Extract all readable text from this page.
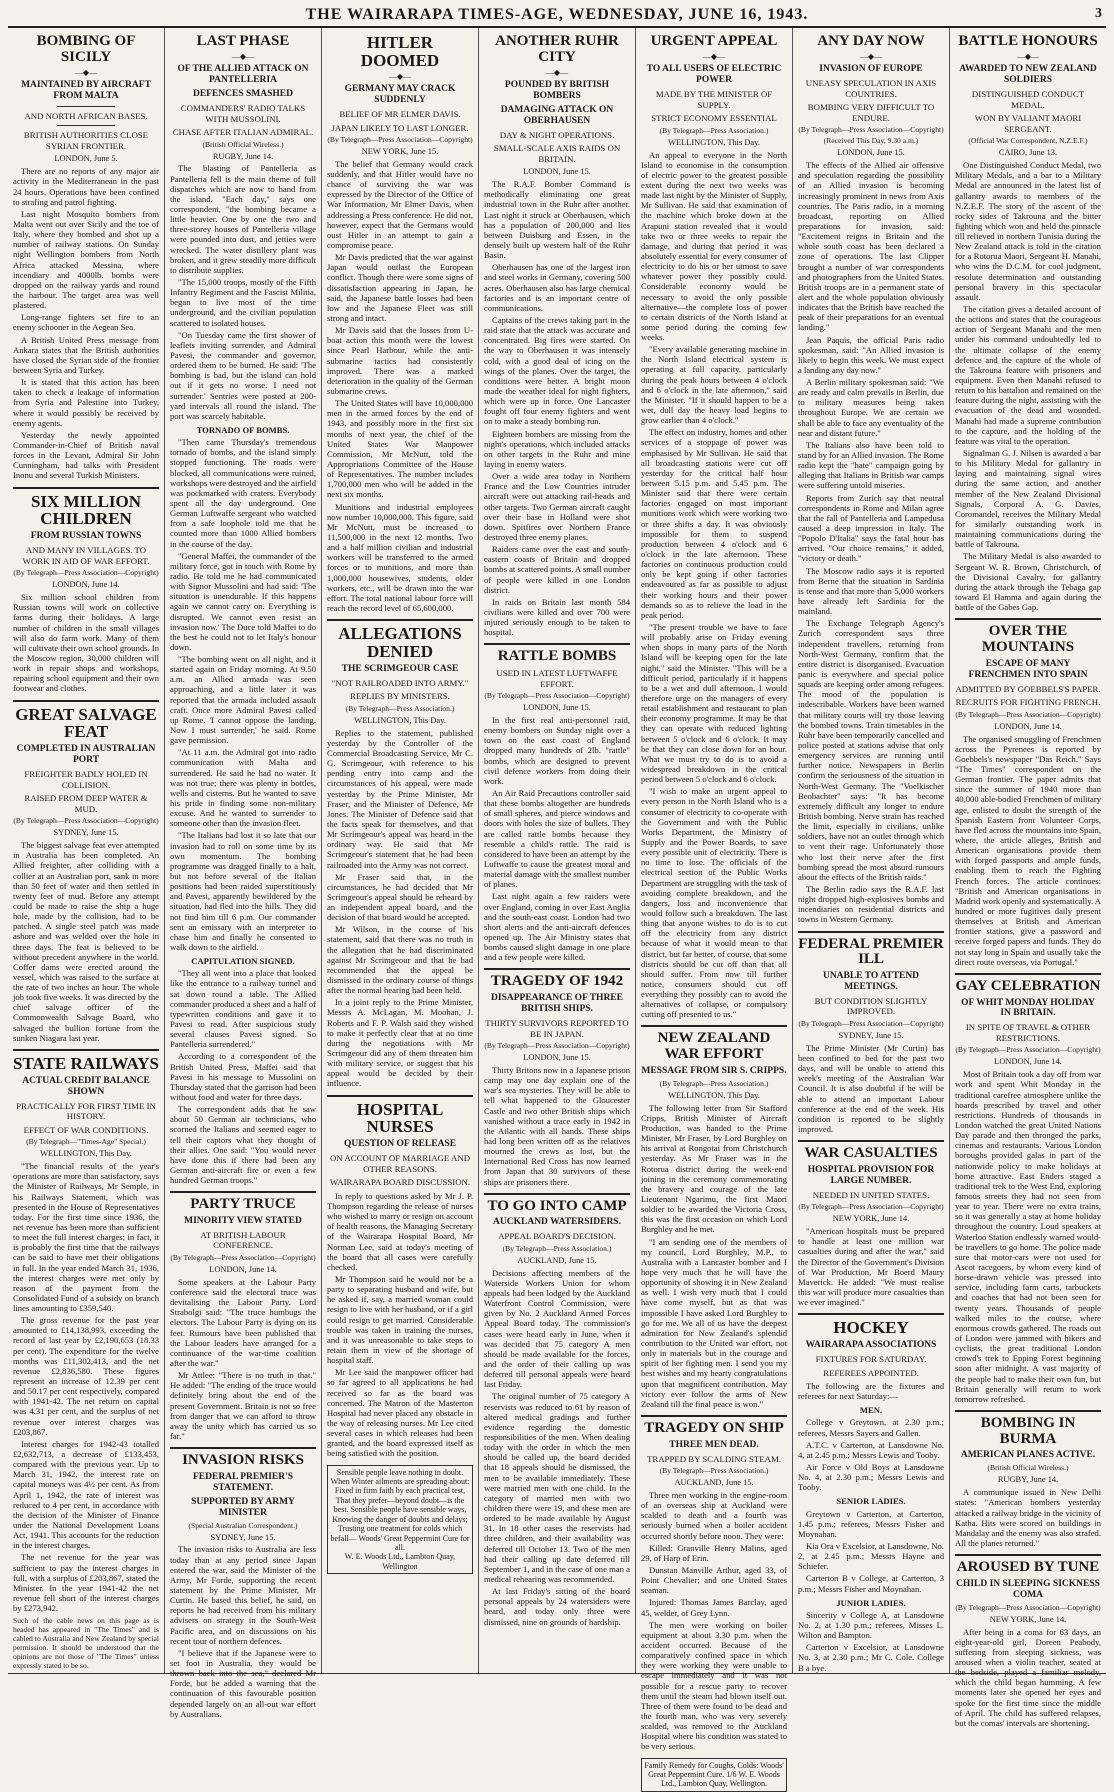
THE WAIRARAPA TIMES-AGE, WEDNESDAY, JUNE 16, 1943.	3
BOMBING OF SICILY
—◆—
MAINTAINED BY AIRCRAFT FROM MALTA
AND NORTH AFRICAN BASES.
BRITISH AUTHORITIES CLOSE SYRIAN FRONTIER.
LONDON, June 5.

There are no reports of any major air activity in the Mediterranean in the past 24 hours. Operations have been confined to strafing and patrol fighting.

Last night Mosquito bombers from Malta went out over Sicily and the toe of Italy, where they bombed and shot up a number of railway stations. On Sunday night Wellington bombers from North Africa attacked Messina, where incendiary and 4000lb. bombs were dropped on the railway yards and round the harbour. The target area was well plastered.

Long-range fighters set fire to an enemy schooner in the Aegean Sea.

A British United Press message from Ankara states that the British authorities have closed the Syrian side of the frontier between Syria and Turkey.

It is stated that this action has been taken to check a leakage of information from Syria and Palestine into Turkey, where it would possibly be received by enemy agents.

Yesterday the newly appointed Commander-in-Chief of British naval forces in the Levant, Admiral Sir John Cunningham, had talks with President Inonu and several Turkish Ministers.

SIX MILLION CHILDREN
FROM RUSSIAN TOWNS
AND MANY IN VILLAGES. TO WORK IN AID OF WAR EFFORT.
(By Telegraph—Press Association—Copyright)
LONDON, June 14.

Six million school children from Russian towns will work on collective farms during their holidays. A large number of children in the small villages will also do farm work. Many of them will cultivate their own school grounds. In the Moscow region, 30,000 children will work in repair shops and workshops, repairing school equipment and their own footwear and clothes.

GREAT SALVAGE FEAT
COMPLETED IN AUSTRALIAN PORT
FREIGHTER BADLY HOLED IN COLLISION.
RAISED FROM DEEP WATER & MUD.
(By Telegraph—Press Association—Copyright)
SYDNEY, June 15.

The biggest salvage feat ever attempted in Australia has been completed. An Allied freighter, after colliding with a collier at an Australian port, sank in more than 50 feet of water and then settled in twenty feet of mud. Before any attempt could be made to raise the ship a huge hole, made by the collision, had to be patched. A single steel patch was made ashore and was welded over the hole in three days. The feat is believed to be without precedent anywhere in the world. Coffer dams were erected around the vessel, which was raised to the surface at the rate of two inches an hour. The whole job took five weeks. It was directed by the chief salvage officer of the Commonwealth Salvage Board, who salvaged the bullion fortune from the sunken Niagara last year.

STATE RAILWAYS
ACTUAL CREDIT BALANCE SHOWN
PRACTICALLY FOR FIRST TIME IN HISTORY.
EFFECT OF WAR CONDITIONS.
(By Telegraph—"Times-Age" Special.)
WELLINGTON, This Day.

"The financial results of the year's operations are more than satisfactory, says the Minister of Railways, Mr Semple, in his Railways Statement, which was presented in the House of Representatives today. For the first time since 1936, the net revenue has been more than sufficient to meet the full interest charges; in fact, it is probably the first time that the railways can be said to have met their obligations in full. In the year ended March 31, 1936, the interest charges were met only by reason of the payment from the Consolidated Fund of a subsidy on branch lines amounting to £359,540.

The gross revenue for the past year amounted to £14,138,993, exceeding the record of last year by £2,190,653 (18.33 per cent). The expenditure for the twelve months was £11,302,413, and the net revenue £2,836,580. These figures represent an increase of 12.39 per cent and 50.17 per cent respectively, compared with 1941-42. The net return on capital was 4.31 per cent, and the surplus of net revenue over interest charges was £203,867.

Interest charges for 1942-43 totalled £2,632,713, a decrease of £133,453, compared with the previous year. Up to March 31, 1942, the interest rate on capital moneys was 4½ per cent. As from April 1, 1942, the rate of interest was reduced to 4 per cent, in accordance with the decision of the Minister of Finance under the National Development Loans Act, 1941. This accounts for the reduction in the interest charges.

The net revenue for the year was sufficient to pay the interest charges in full, with a surplus of £203,867, stated the Minister. In the year 1941-42 the net revenue fell short of the interest charges by £273,942.

Such of the cable news on this page as is headed has appeared in "The Times" and is cabled to Australia and New Zealand by special permission. It should be understood that the opinions are not those of "The Times" unless expressly stated to be so.
LAST PHASE
—◆—
OF THE ALLIED ATTACK ON PANTELLERIA
DEFENCES SMASHED
COMMANDERS' RADIO TALKS WITH MUSSOLINI.
CHASE AFTER ITALIAN ADMIRAL.
(British Official Wireless.)
RUGBY, June 14.

The blasting of Pantelleria as Pantelleria fell is the main theme of full dispatches which are now to hand from the island. "Each day," says one correspondent, "the bombing became a little heavier. One by one the two and three-storey houses of Pantelleria village were pounded into dust, and jetties were wrecked. The water distillery plant was broken, and it grew steadily more difficult to distribute supplies.

"The 15,000 troops, mostly of the Fifth Infantry Regiment and the Fascist Militia, began to live most of the time underground, and the civilian population scattered to isolated houses.

"On Tuesday came the first shower of leaflets inviting surrender, and Admiral Pavesi, the commander and governor, ordered them to be burned. He said: 'The bombing is bad, but the island can hold out if it gets no worse. I need not surrender.' Sentries were posted at 200-yard intervals all round the island. The port was scarcely habitable.

TORNADO OF BOMBS.

"Then came Thursday's tremendous tornado of bombs, and the island simply stopped functioning. The roads were blocked, all communications were ruined, workshops were destroyed and the airfield was pockmarked with craters. Everybody spent all the day underground. One German Luftwaffe sergeant who watched from a safe loophole told me that he counted more than 1000 Allied bombers in the course of the day.

"General Maffei, the commander of the military force, got in touch with Rome by radio. He told me he had communicated with Signor Mussolini and had said: 'The situation is unendurable. If this happens again we cannot carry on. Everything is disrupted. We cannot even resist an invasion now.' The Duce told Maffei to do the best he could not to let Italy's honour down.

"The bombing went on all night, and it started again on Friday morning. At 9.50 a.m. an Allied armada was seen approaching, and a little later it was reported that the armada included assault craft. Once more Admiral Pavesi called up Rome. 'I cannot oppose the landing. Now I must surrender,' he said. Rome gave permission.

"At 11 a.m. the Admiral got into radio communication with Malta and surrendered. He said he had no water. It was not true; there was plenty in bottles, wells and cisterns. But he wanted to save his pride in finding some non-military excuse. And he wanted to surrender to someone other than the invasion fleet.

"The Italians had lost it so late that our invasion had to roll on some time by its own momentum. The bombing programme was dragged finally to a halt, but not before several of the Italian positions had been raided superstitiously and Pavesi, apparently bewildered by the situation, had fled into the hills. They did not find him till 6 p.m. Our commander sent an emissary with an interpreter to chase him and finally he consented to walk down to the airfield.

CAPITULATION SIGNED.

"They all went into a place that looked like the entrance to a railway tunnel and sat down round a table. The Allied commander produced a sheet and a half of typewritten conditions and gave it to Pavesi to read. After suspicious study several clauses Pavesi signed. So Pantelleria surrendered."

According to a correspondent of the British United Press, Maffei said that Pavesi in his message to Mussolini on Thursday stated that the garrison had been without food and water for three days.

The correspondent adds that he saw about 50 German air technicians, who scorned the Italians and seemed eager to tell their captors what they thought of their allies. One said: "You would never have done this if there had been any German anti-aircraft fire or even a few hundred German troops."

PARTY TRUCE
MINORITY VIEW STATED
AT BRITISH LABOUR CONFERENCE.
(By Telegraph—Press Association—Copyright)
LONDON, June 14.

Some speakers at the Labour Party conference said the electoral truce was devitalising the Labour Party. Lord Strabolgi said: "The truce humbugs the electors. The Labour Party is dying on its feet. Rumours have been published that the Labour leaders have arranged for a continuance of the war-time coalition after the war."

Mr Attlee: "There is no truth in that." He added: "The ending of the truce would definitely bring about the end of the present Government. Britain is not so free from danger that we can afford to throw away the unity which has carried us so far."

INVASION RISKS
FEDERAL PREMIER'S STATEMENT.
SUPPORTED BY ARMY MINISTER
(Special Australian Correspondent.)
SYDNEY, June 15.

The invasion risks to Australia are less today than at any period since Japan entered the war, said the Minister of the Army, Mr Forde, supporting the recent statement by the Prime Minister, Mr Curtin. He based this belief, he said, on reports he had received from his military advisers on strategy in the South-West Pacific area, and on discussions on his recent tour of northern defences.

"I believe that if the Japanese were to set foot in Australia, they would be thrown back into the sea," declared Mr Forde, but he added a warning that the continuation of this favourable position depended largely on an all-out war effort by Australians.

HITLER DOOMED
—◆—
GERMANY MAY CRACK SUDDENLY
BELIEF OF MR ELMER DAVIS.
JAPAN LIKELY TO LAST LONGER.
(By Telegraph—Press Association—Copyright)
NEW YORK, June 15.

The belief that Germany would crack suddenly, and that Hitler would have no chance of surviving the war was expressed by the Director of the Office of War Information, Mr Elmer Davis, when addressing a Press conference. He did not, however, expect that the Germans would oust Hitler in an attempt to gain a compromise peace.

Mr Davis predicted that the war against Japan would outlast the European conflict. Though there were some signs of dissatisfaction appearing in Japan, he said, the Japanese battle losses had been low and the Japanese Fleet was still strong and intact.

Mr Davis said that the losses from U-boat action this month were the lowest since Pearl Harbour, while the anti-submarine tactics had consistently improved. There was a marked deterioration in the quality of the German submarine crews.

The United States will have 10,000,000 men in the armed forces by the end of 1943, and possibly more in the first six months of next year, the chief of the United States War Manpower Commission, Mr McNutt, told the Appropriations Committee of the House of Representatives. The number includes 1,700,000 men who will be added in the next six months.

Munitions and industrial employees now number 10,000,000. This figure, said Mr McNutt, must be increased to 11,500,000 in the next 12 months. Two and a half million civilian and industrial workers will be transferred to the armed forces or to munitions, and more than 1,000,000 housewives, students, older workers, etc., will be drawn into the war effort. The total national labour force will reach the record level of 65,600,000.

ALLEGATIONS DENIED
THE SCRIMGEOUR CASE
"NOT RAILROADED INTO ARMY."
REPLIES BY MINISTERS.
(By Telegraph—Press Association.)
WELLINGTON, This Day.

Replies to the statement, published yesterday by the Controller of the Commercial Broadcasting Service, Mr C. G. Scrimgeour, with reference to his pending entry into camp and the circumstances of his appeal, were made yesterday by the Prime Minister, Mr Fraser, and the Minister of Defence, Mr Jones. The Minister of Defence said that the facts speak for themselves, and that Mr Scrimgeour's appeal was heard in the ordinary way. He said that Mr Scrimgeour's statement that he had been railroaded into the Army was not correct.

Mr Fraser said that, in the circumstances, he had decided that Mr Scrimgeour's appeal should be reheard by an independent appeal board, and the decision of that board would be accepted.

Mr Wilson, in the course of his statement, said that there was no truth in the allegation that he had discriminated against Mr Scrimgeour and that he had recommended that the appeal be dismissed in the ordinary course of things after the normal hearing had been held.

In a joint reply to the Prime Minister, Messrs A. McLagan, M. Moohan, J. Roberts and F. P. Walsh said they wished to make it perfectly clear that at no time during the negotiations with Mr Scrimgeour did any of them threaten him with military service, or suggest that his appeal would be decided by their influence.

HOSPITAL NURSES
QUESTION OF RELEASE
ON ACCOUNT OF MARRIAGE AND OTHER REASONS.
WAIRARAPA BOARD DISCUSSION.

In reply to questions asked by Mr J. P. Thompson regarding the release of nurses who wished to marry or resign on account of health reasons, the Managing Secretary of the Wairarapa Hospital Board, Mr Norman Lee, said at today's meeting of the board that all cases were carefully checked.

Mr Thompson said he would not be a party to separating husband and wife, but he asked if, say, a married woman could resign to live with her husband, or if a girl could resign to get married. Considerable trouble was taken in training the nurses, and it was unreasonable to take steps to retain them in view of the shortage of hospital staff.

Mr Lee said the manpower officer had so far agreed to all applications he had received so far as the board was concerned. The Matron of the Masterton Hospital had never placed any obstacle in the way of releasing nurses. Mr Lee cited several cases in which releases had been granted, and the board expressed itself as being satisfied with the position.

Sensible people leave nothing in doubt. When Winter ailments are spreading about: Fixed in firm faith by each practical test, That they prefer—beyond doubt—is the best. Sensible people have sensible ways, Knowing the danger of doubts and delays; Trusting one treatment for colds which befall— Woods' Great Peppermint Cure for all.
W. E. Woods Ltd., Lambton Quay, Wellington
ANOTHER RUHR CITY
—◆—
POUNDED BY BRITISH BOMBERS
DAMAGING ATTACK ON OBERHAUSEN
DAY & NIGHT OPERATIONS.
SMALL-SCALE AXIS RAIDS ON BRITAIN.
LONDON, June 15.

The R.A.F. Bomber Command is methodically eliminating one great industrial town in the Ruhr after another. Last night it struck at Oberhausen, which has a population of 200,000 and lies between Duisburg and Essen, in the densely built up western half of the Ruhr Basin.

Oberhausen has one of the largest iron and steel works in Germany, covering 500 acres. Oberhausen also has large chemical factories and is an important centre of communications.

Captains of the crews taking part in the raid state that the attack was accurate and concentrated. Big fires were started. On the way to Oberhausen it was intensely cold, with a good deal of icing on the wings of the planes. Over the target, the conditions were better. A bright moon made the weather ideal for night fighters, which were up in force. One Lancaster fought off four enemy fighters and went on to make a steady bombing run.

Eighteen bombers are missing from the night's operations, which included attacks on other targets in the Ruhr and mine laying in enemy waters.

Over a wide area today in Northern France and the Low Countries intruder aircraft were out attacking rail-heads and other targets. Two German aircraft caught over their base in Holland were shot down. Spitfires over Northern France destroyed three enemy planes.

Raiders came over the east and south-eastern coasts of Britain and dropped bombs at scattered points. A small number of people were killed in one London district.

In raids on Britain last month 584 civilians were killed and over 700 were injured seriously enough to be taken to hospital.

RATTLE BOMBS
USED IN LATEST LUFTWAFFE EFFORT.
(By Telegraph—Press Association—Copyright)
LONDON, June 15.

In the first real anti-personnel raid, enemy bombers on Sunday night over a town on the east coast of England dropped many hundreds of 2lb. "rattle" bombs, which are designed to prevent civil defence workers from doing their work.

An Air Raid Precautions controller said that these bombs altogether are hundreds of small spheres, and pierce windows and doors with holes the size of bullets. They are called rattle bombs because they resemble a child's rattle. The raid is considered to have been an attempt by the Luftwaffe to cause the greatest moral and material damage with the smallest number of planes.

Last night again a few raiders were over England, coming in over East Anglia and the south-east coast. London had two short alerts and the anti-aircraft defences opened up. The Air Ministry states that bombs caused slight damage in one place and a few people were killed.

TRAGEDY OF 1942
DISAPPEARANCE OF THREE BRITISH SHIPS.
THIRTY SURVIVORS REPORTED TO BE IN JAPAN.
(By Telegraph—Press Association—Copyright)
LONDON, June 15.

Thirty Britons now in a Japanese prison camp may one day explain one of the war's sea mysteries. They will be able to tell what happened to the Gloucester Castle and two other British ships which vanished without a trace early in 1942 in the Atlantic with all hands. These ships had long been written off as the relatives mourned the crews as lost, but the International Red Cross has now learned from Japan that 30 survivors of these ships are prisoners there.

TO GO INTO CAMP
AUCKLAND WATERSIDERS.
APPEAL BOARD'S DECISION.
(By Telegraph—Press Association.)
AUCKLAND, June 15.

Decisions affecting members of the Waterside Workers Union for whom appeals had been lodged by the Auckland Waterfront Control Commission, were given by No. 2 Auckland Armed Forces Appeal Board today. The commission's cases were heard early in June, when it was decided that 75 category A men should be made available for the forces, and the order of their calling up was deferred till personal appeals were heard last Friday.

The original number of 75 category A reservists was reduced to 61 by reason of altered medical gradings and further evidence regarding the domestic responsibilities of the men. When dealing today with the order in which the men should be called up, the board decided that 18 appeals should be dismissed, the men to be available immediately. These were married men with one child. In the category of married men with two children there were 19, and these men are ordered to be made available by August 31. In 18 other cases the reservists had three children, and their availability was deferred till October 13. Two of the men had their calling up date deferred till September 1, and in the case of one man a medical rehearing was recommended.

At last Friday's sitting of the board personal appeals by 24 watersiders were heard, and today only three were dismissed, nine on grounds of hardship.

URGENT APPEAL
—◆—
TO ALL USERS OF ELECTRIC POWER
MADE BY THE MINISTER OF SUPPLY.
STRICT ECONOMY ESSENTIAL
(By Telegraph—Press Association.)
WELLINGTON, This Day.

An appeal to everyone in the North Island to economise in the consumption of electric power to the greatest possible extent during the next two weeks was made last night by the Minister of Supply, Mr Sullivan. He said that examination of the machine which broke down at the Arapuni station revealed that it would take two or three weeks to repair the damage, and during that period it was absolutely essential for every consumer of electricity to do his or her utmost to save whatever power they possibly could. Considerable economy would be necessary to avoid the only possible alternative—the complete loss of power to certain districts of the North Island at some period during the coming few weeks.

"Every available generating machine in the North Island electrical system is operating at full capacity, particularly during the peak hours between 4 o'clock and 6 o'clock in the late afternoon," said the Minister. "If it should happen to be a wet, dull day the heavy load begins to grow earlier than 4 o'clock."

The effect on industry, homes and other services of a stoppage of power was emphasised by Mr Sullivan. He said that all broadcasting stations were cut off yesterday for the critical half hour between 5.15 p.m. and 5.45 p.m. The Minister said that there were certain factories engaged on most important munitions work which were working two or three shifts a day. It was obviously impossible for them to suspend production between 4 o'clock and 6 o'clock in the late afternoon. These factories on continuous production could only be kept going if other factories endeavoured as far as possible to adjust their working hours and their power demands so as to relieve the load in the peak period.

"The present trouble we have to face will probably arise on Friday evening when shops in many parts of the North Island will be keeping open for the late night," said the Minister. "This will be a difficult period, particularly if it happens to be a wet and dull afternoon. I would therefore urge on the managers of every retail establishment and restaurant to plan their economy programme. It may be that they can operate with reduced lighting between 5 o'clock and 6 o'clock. It may be that they can close down for an hour. What we must try to do is to avoid a widespread breakdown in the critical period between 5 o'clock and 6 o'clock.

"I wish to make an urgent appeal to every person in the North Island who is a consumer of electricity to co-operate with the Government and with the Public Works Department, the Ministry of Supply and the Power Boards, to save every possible unit of electricity. There is no time to lose. The officials of the electrical section of the Public Works Department are struggling with the task of avoiding complete breakdown, and the dangers, loss and inconvenience that would follow such a breakdown. The last thing that anyone wishes to do is to cut off the electricity from any district because of what it would mean to that district, but far better, of course, that some districts should be cut off than that all should suffer. From now till further notice, consumers should cut off everything they possibly can to avoid the alternatives of collapse, or compulsory cutting off presented to us."

NEW ZEALAND WAR EFFORT
MESSAGE FROM SIR S. CRIPPS.
(By Telegraph—Press Association.)
WELLINGTON, This Day.

The following letter from Sir Stafford Cripps, British Minister of Aircraft Production, was handed to the Prime Minister, Mr Fraser, by Lord Burghley on his arrival at Rongotai from Christchurch yesterday. As Mr Fraser was in the Rotorua district during the week-end joining in the ceremony commemorating the bravery and courage of the late Lieutenant Ngarimu, the first Maori soldier to be awarded the Victoria Cross, this was the first occasion on which Lord Burghley and he met.

"I am sending one of the members of my council, Lord Burghley, M.P., to Australia with a Lancaster bomber and I hope very much that he will have the opportunity of showing it in New Zealand as well. I wish very much that I could have come myself, but as that was impossible I have asked Lord Burghley to go for me. We all of us have the deepest admiration for New Zealand's splendid contribution to the United war effort, not only in materials but in the courage and spirit of her fighting men. I send you my best wishes and my hearty congratulations upon that magnificent contribution. May victory ever follow the arms of New Zealand till the final peace is won."

TRAGEDY ON SHIP
THREE MEN DEAD.
TRAPPED BY SCALDING STEAM.
(By Telegraph—Press Association.)
AUCKLAND, June 15.

Three men working in the engine-room of an overseas ship at Auckland were scalded to death and a fourth was seriously burned when a boiler accident occurred shortly before noon. They were:

Killed: Granville Henry Malins, aged 29, of Harp of Erin.

Dunstan Manville Arthur, aged 33, of Point Chevalier; and one United States seaman.

Injured: Thomas James Barclay, aged 45, welder, of Grey Lynn.

The men were working on boiler equipment at about 3.30 p.m. when the accident occurred. Because of the comparatively confined space in which they were working they were unable to escape immediately and it was not possible for a rescue party to recover them until the steam had blown itself out. Three of them were found to be dead and the fourth man, who was very severely scalded, was removed to the Auckland Hospital where his condition was stated to be very serious.

Family Remedy for Coughs, Colds: Woods' Great Peppermint Cure. 1/6 W. E. Woods Ltd., Lambton Quay, Wellington.
ANY DAY NOW
—◆—
INVASION OF EUROPE
UNEASY SPECULATION IN AXIS COUNTRIES.
BOMBING VERY DIFFICULT TO ENDURE.
(By Telegraph—Press Association—Copyright)
(Received This Day, 9.30 a.m.)
LONDON, June 15.

The effects of the Allied air offensive and speculation regarding the possibility of an Allied invasion is becoming increasingly prominent in news from Axis countries. The Paris radio, in a morning broadcast, reporting on Allied preparations for invasion, said: "Excitement reigns in Britain and the whole south coast has been declared a zone of operations. The last Clipper brought a number of war correspondents and photographers from the United States. British troops are in a permanent state of alert and the whole population obviously indicates that the British have reached the peak of their preparations for an eventual landing."

Jean Paquis, the official Paris radio spokesman, said: "An Allied invasion is likely to begin this week. We must expect a landing any day now."

A Berlin military spokesman said: "We are ready and calm prevails in Berlin, due to military measures being taken throughout Europe. We are certain we shall be able to face any eventuality of the near and distant future."

The Italians also have been told to stand by for an Allied invasion. The Rome radio kept the "hate" campaign going by alleging that Italians in British war camps were suffering untold miseries.

Reports from Zurich say that neutral correspondents in Rome and Milan agree that the fall of Pantelleria and Lampedusa caused a deep impression in Italy. The "Popolo D'Italia" says the fatal hour has arrived. "Our choice remains," it added, "victory or death."

The Moscow radio says it is reported from Berne that the situation in Sardinia is tense and that more than 5,000 workers have already left Sardinia for the mainland.

The Exchange Telegraph Agency's Zurich correspondent says three independent travellers, returning from North-West Germany, confirm that the entire district is disorganised. Evacuation panic is everywhere and special police squads are keeping order among refugees. The mood of the population is indescribable. Workers have been warned that military courts will try those leaving the bombed towns. Train timetables in the Ruhr have been temporarily cancelled and police posted at stations advise that only emergency services are running until further notice. Newspapers in Berlin confirm the seriousness of the situation in North-West Germany. The "Voelkischer Beobachter" says: "It has become extremely difficult any longer to endure British bombing. Nerve strain has reached the limit, especially in civilians, unlike soldiers, have not an outlet through which to vent their rage. Unfortunately those who lost their nerve after the first bombing spread the most absurd rumours about the effects of the British raids."

The Berlin radio says the R.A.F. last night dropped high-explosives bombs and incendiaries on residential districts and towns in Western Germany.

FEDERAL PREMIER ILL
UNABLE TO ATTEND MEETINGS.
BUT CONDITION SLIGHTLY IMPROVED.
(By Telegraph—Press Association—Copyright)
SYDNEY, June 15.

The Prime Minister (Mr Curtin) has been confined to bed for the past two days, and will be unable to attend this week's meeting of the Australian War Council. It is also doubtful if he will be able to attend an important Labour conference at the end of the week. His condition is reported to be slightly improved.

WAR CASUALTIES
HOSPITAL PROVISION FOR LARGE NUMBER.
NEEDED IN UNITED STATES.
(By Telegraph—Press Association—Copyright)
NEW YORK, June 14.

"American hospitals must be prepared to handle at least one million war casualties during and after the war," said the Director of the Government's Division of War Production, Mr Boerd Maury Maverick. He added: "We must realise this war will produce more casualties than we ever imagined."

HOCKEY
WAIRARAPA ASSOCIATIONS
FIXTURES FOR SATURDAY.
REFEREES APPOINTED.

The following are the fixtures and referees for next Saturday:—

MEN.

College v Greytown, at 2.30 p.m.; referees, Messrs Sayers and Gallen.

A.T.C. v Carterton, at Lansdowne No. 4, at 2.45 p.m.; Messrs Lewis and Tooby.

Air Force v Old Boys at Lansdowne No. 4, at 2.30 p.m.; Messrs Lewis and Tooby.

SENIOR LADIES.

Greytown v Carterton, at Carterton, 1.45 p.m.; referees, Messrs Fisher and Moynahan.

Kia Ora v Excelsior, at Lansdowne, No. 2, at 2.45 p.m.; Messrs Hayne and Schiefer.

Carterton B v College, at Carterton, 3 p.m.; Messrs Fisher and Moynahan.

JUNIOR LADIES.

Sincerity v College A, at Lansdowne No. 2, at 1.30 p.m.; referees, Misses L. Wilton and Bampton.

Carterton v Excelsior, at Lansdowne No. 3, at 2.30 p.m.; Mr C. Cole. College B a bye.

BATTLE HONOURS
—◆—
AWARDED TO NEW ZEALAND SOLDIERS
DISTINGUISHED CONDUCT MEDAL.
WON BY VALIANT MAORI SERGEANT.
(Official War Correspondent, N.Z.E.F.)
CAIRO, June 13.

One Distinguished Conduct Medal, two Military Medals, and a bar to a Military Medal are announced in the latest list of gallantry awards to members of the N.Z.E.F. The story of the ascent of the rocky sides of Takrouna and the bitter fighting which won and held the pinnacle till relieved in northern Tunisia during the New Zealand attack is told in the citation for a Rotorua Maori, Sergeant H. Manahi, who wins the D.C.M. for cool judgment, resolute determination and outstanding personal bravery in this spectacular assault.

The citation gives a detailed account of the actions and states that the courageous action of Sergeant Manahi and the men under his command undoubtedly led to the ultimate collapse of the enemy defence and the capture of the whole of the Takrouna feature with prisoners and equipment. Even then Manahi refused to return to his battalion and remained on the feature during the night, assisting with the evacuation of the dead and wounded. Manahi had made a supreme contribution to the capture, and the holding of the feature was vital to the operation.

Signalman G. J. Nilsen is awarded a bar to his Military Medal for gallantry in laying and maintaining signal wires during the same action, and another member of the New Zealand Divisional Signals, Corporal A. G. Davies, Coromandel, receives the Military Medal for similarly outstanding work in maintaining communications during the battle of Takrouna.

The Military Medal is also awarded to Sergeant W. R. Brown, Christchurch, of the Divisional Cavalry, for gallantry during the attack through the Tebaga gap toward El Hamma and again during the battle of the Gabes Gap.

OVER THE MOUNTAINS
ESCAPE OF MANY FRENCHMEN INTO SPAIN
ADMITTED BY GOEBBELS'S PAPER.
RECRUITS FOR FIGHTING FRENCH.
(By Telegraph—Press Association—Copyright)
LONDON, June 14.

The organised smuggling of Frenchmen across the Pyrenees is reported by Goebbels's newspaper "Das Reich." Says "The Times" correspondent on the German frontier. The paper admits that since the summer of 1940 more than 40,000 able-bodied Frenchmen of military age, enlisted to doubt the strength of the Spanish Eastern front Volunteer Corps, have fled across the mountains into Spain, where, the article alleges, British and American organisations provide them with forged passports and ample funds, enabling them to reach the Fighting French forces. The article continues: "British and American organisations in Madrid work openly and systematically. A hundred or more fugitives daily present themselves at British and American frontier stations, give a password and receive forged papers and funds. They do not stay long in Spain and usually take the direct route overseas, via Portugal."

GAY CELEBRATION
OF WHIT MONDAY HOLIDAY IN BRITAIN.
IN SPITE OF TRAVEL & OTHER RESTRICTIONS.
(By Telegraph—Press Association—Copyright)
LONDON, June 14.

Most of Britain took a day off from war work and spent Whit Monday in the traditional carefree atmosphere unlike the hoards prescribed by travel and other restrictions. Hundreds of thousands in London watched the great United Nations Day parade and then thronged the parks, cinemas and restaurants. Various London boroughs provided galas in part of the nationwide policy to make holidays at home attractive. East Enders staged a traditional trek to the West End, exploring famous streets they had not seen from year to year. There were no extra trains, so it was generally a stay at home holiday throughout the country. Loud speakers at Waterloo Station endlessly warned would-be travellers to go home. The police made sure that motor-cars were not used for Ascot racegoers, by whom every kind of horse-drawn vehicle was pressed into service, including farm carts, tarbuckets and coaches that had not been seen for twenty years. Thousands of people walked miles to the course, where enormous crowds gathered. The roads out of London were jammed with hikers and cyclists, the great traditional London crowd's trek to Epping Forest beginning soon after midnight. A vast majority of the people had to make their own fun, but Britain generally will return to work tomorrow refreshed.

BOMBING IN BURMA
AMERICAN PLANES ACTIVE.
(British Official Wireless.)
RUGBY, June 14.

A communique issued in New Delhi states: "American bombers yesterday attacked a railway bridge in the vicinity of Katha. Hits were scored on buildings in Mandalay and the enemy was also strafed. All the planes returned."

AROUSED BY TUNE
CHILD IN SLEEPING SICKNESS COMA
(By Telegraph—Press Association—Copyright)
NEW YORK, June 14.

After being in a coma for 63 days, an eight-year-old girl, Doreen Peabody, suffering from sleeping sickness, was aroused when a violin teacher, seated at the bedside, played a familiar melody, which the child began humming. A few moments later she opened her eyes and spoke for the first time since the middle of April. The child has suffered relapses, but the comas' intervals are shortening.
